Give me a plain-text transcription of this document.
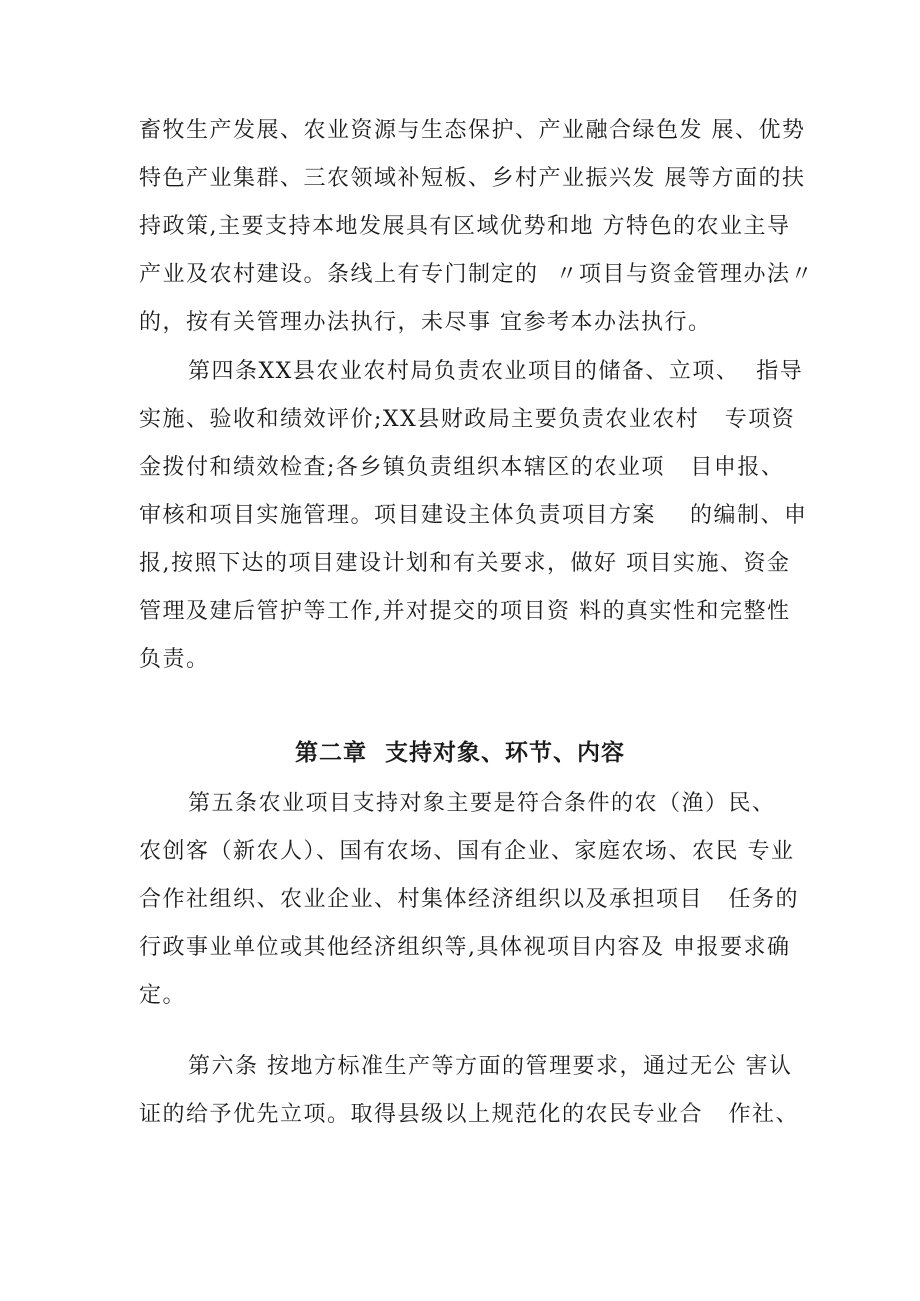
畜牧生产发展、农业资源与生态保护、产业融合绿色发 展、优势
特色产业集群、三农领域补短板、乡村产业振兴发 展等方面的扶
持政策,主要支持本地发展具有区域优势和地 方特色的农业主导
产业及农村建设。条线上有专门制定的  〃项目与资金管理办法〃
的，按有关管理办法执行，未尽事 宜参考本办法执行。
第四条XX县农业农村局负责农业项目的储备、立项、  指导
实施、验收和绩效评价;XX县财政局主要负责农业农村   专项资
金拨付和绩效检査;各乡镇负责组织本辖区的农业项   目申报、
审核和项目实施管理。项目建设主体负责项目方案    的编制、申
报,按照下达的项目建设计划和有关要求，做好 项目实施、资金
管理及建后管护等工作,并对提交的项目资 料的真实性和完整性
负责。
第二章  支持对象、环节、内容
第五条农业项目支持对象主要是符合条件的农（渔）民、
农创客（新农人）、国有农场、国有企业、家庭农场、农民 专业
合作社组织、农业企业、村集体经济组织以及承担项目   任务的
行政事业单位或其他经济组织等,具体视项目内容及 申报要求确
定。
第六条 按地方标准生产等方面的管理要求，通过无公 害认
证的给予优先立项。取得县级以上规范化的农民专业合   作社、
